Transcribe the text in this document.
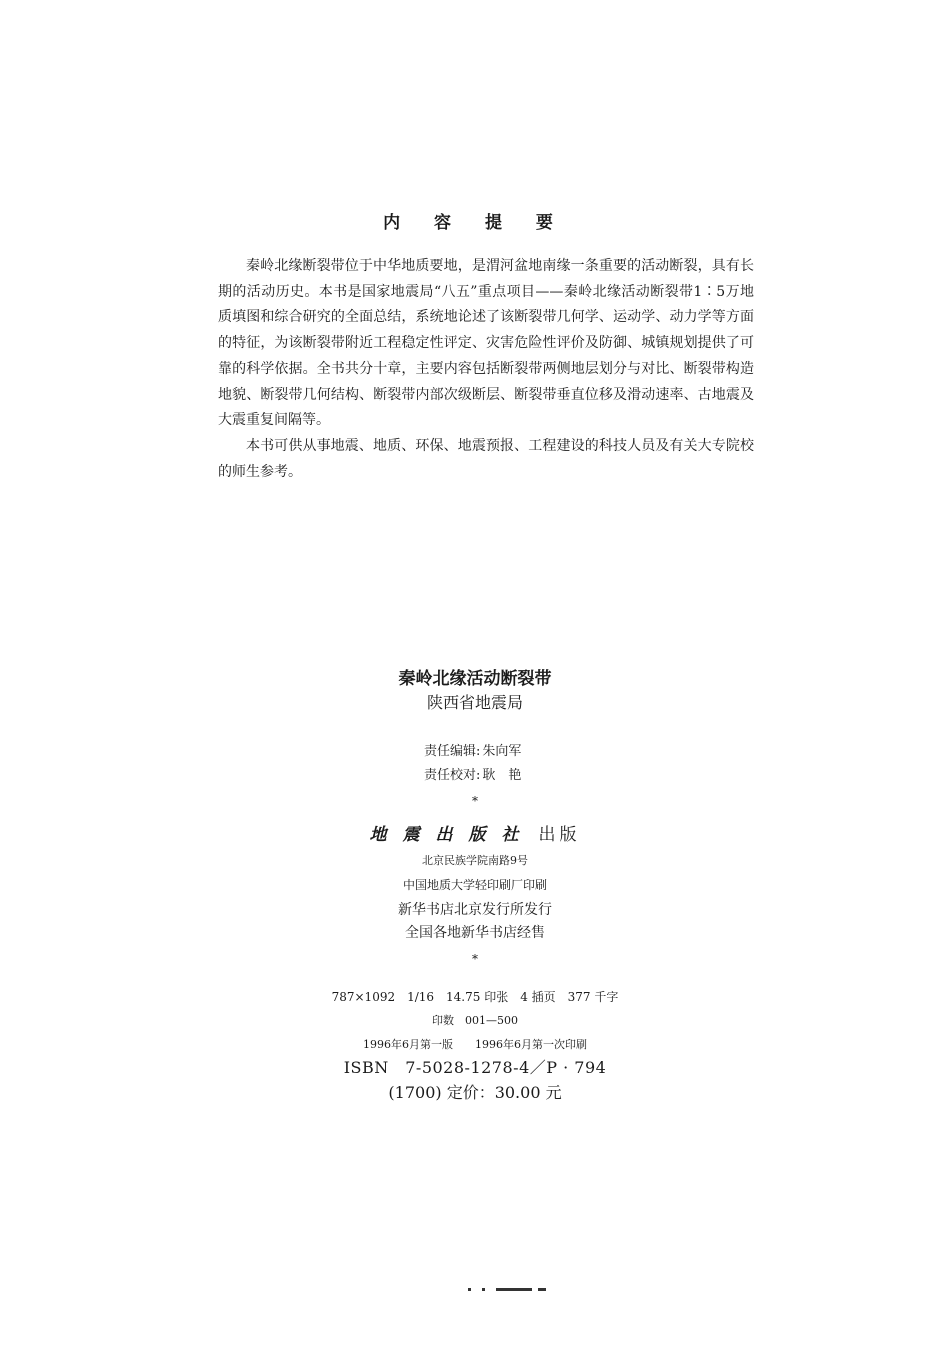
内 容 提 要

秦岭北缘断裂带位于中华地质要地，是渭河盆地南缘一条重要的活动断裂，具有长期的活动历史。本书是国家地震局“八五”重点项目——秦岭北缘活动断裂带1∶5万地质填图和综合研究的全面总结，系统地论述了该断裂带几何学、运动学、动力学等方面的特征，为该断裂带附近工程稳定性评定、灾害危险性评价及防御、城镇规划提供了可靠的科学依据。全书共分十章，主要内容包括断裂带两侧地层划分与对比、断裂带构造地貌、断裂带几何结构、断裂带内部次级断层、断裂带垂直位移及滑动速率、古地震及大震重复间隔等。

本书可供从事地震、地质、环保、地震预报、工程建设的科技人员及有关大专院校的师生参考。

秦岭北缘活动断裂带
陕西省地震局
责任编辑: 朱向军
责任校对: 耿　艳
*
地震出版社 出版
北京民族学院南路9号
中国地质大学轻印刷厂印刷
新华书店北京发行所发行
全国各地新华书店经售
*
787×1092　1/16　14.75 印张　4 插页　377 千字
印数　001—500
1996年6月第一版　　1996年6月第一次印刷
ISBN　7-5028-1278-4／P · 794
(1700) 定价：30.00 元
